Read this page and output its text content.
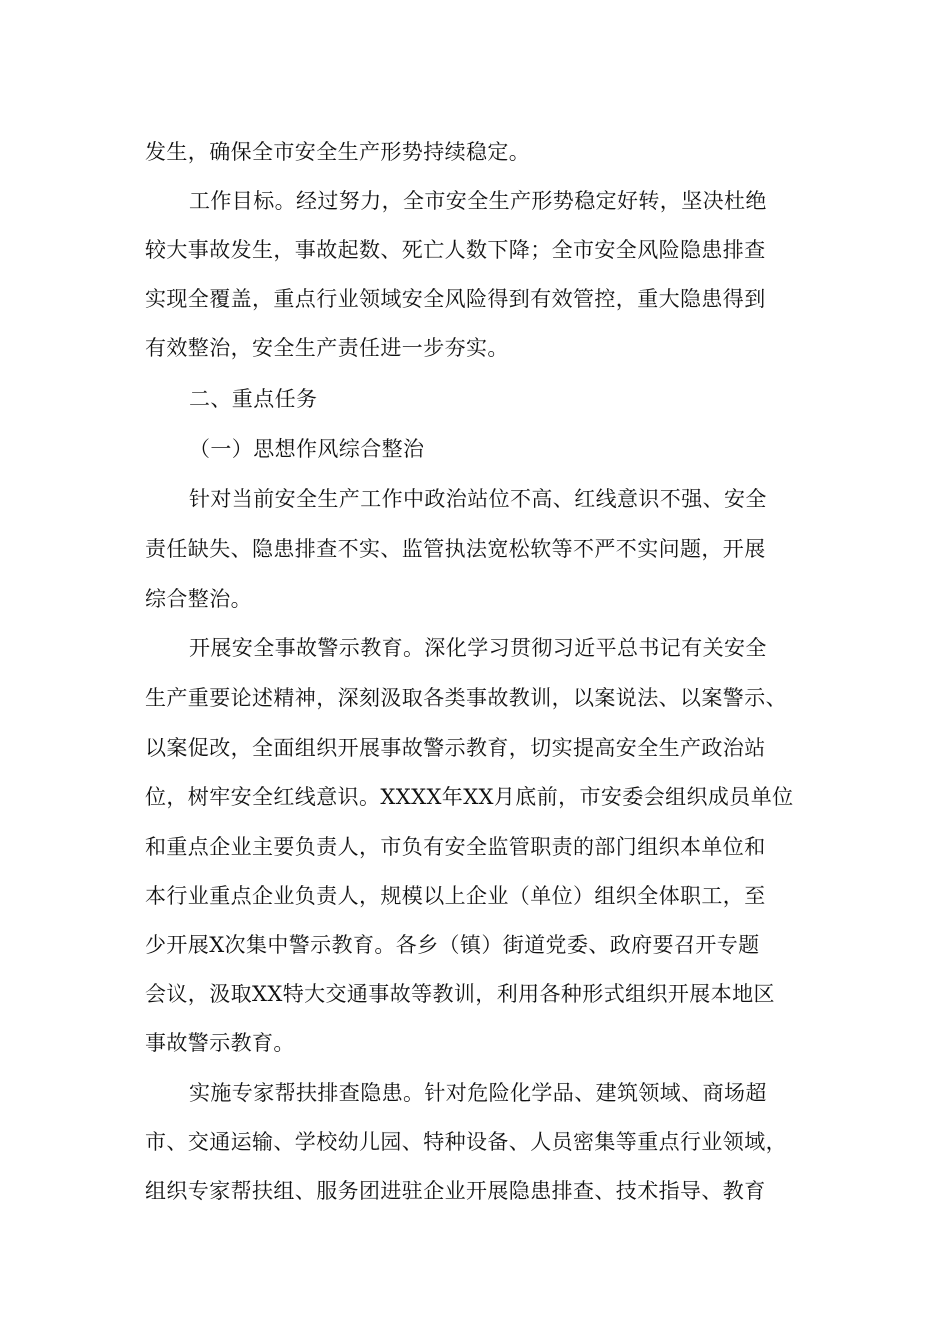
发生，确保全市安全生产形势持续稳定。
工作目标。经过努力，全市安全生产形势稳定好转，坚决杜绝
较大事故发生，事故起数、死亡人数下降；全市安全风险隐患排查
实现全覆盖，重点行业领域安全风险得到有效管控，重大隐患得到
有效整治，安全生产责任进一步夯实。
二、重点任务
（一）思想作风综合整治
针对当前安全生产工作中政治站位不高、红线意识不强、安全
责任缺失、隐患排查不实、监管执法宽松软等不严不实问题，开展
综合整治。
开展安全事故警示教育。深化学习贯彻习近平总书记有关安全
生产重要论述精神，深刻汲取各类事故教训，以案说法、以案警示、
以案促改，全面组织开展事故警示教育，切实提高安全生产政治站
位，树牢安全红线意识。XXXX年XX月底前，市安委会组织成员单位
和重点企业主要负责人，市负有安全监管职责的部门组织本单位和
本行业重点企业负责人，规模以上企业（单位）组织全体职工，至
少开展X次集中警示教育。各乡（镇）街道党委、政府要召开专题
会议，汲取XX特大交通事故等教训，利用各种形式组织开展本地区
事故警示教育。
实施专家帮扶排查隐患。针对危险化学品、建筑领域、商场超
市、交通运输、学校幼儿园、特种设备、人员密集等重点行业领域，
组织专家帮扶组、服务团进驻企业开展隐患排查、技术指导、教育
